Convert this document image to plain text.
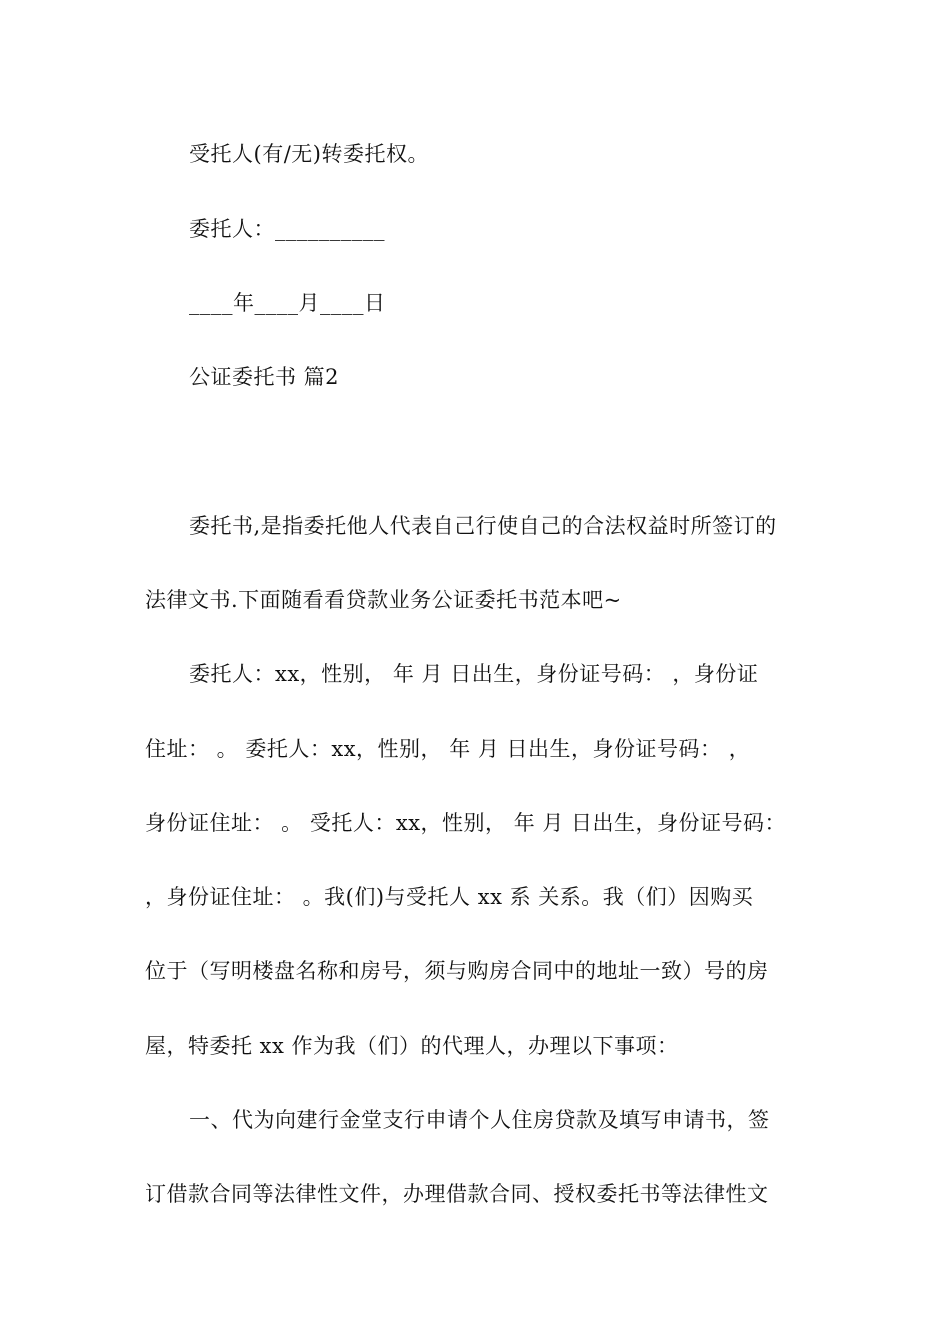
受托人(有/无)转委托权。
委托人：__________
____年____月____日
公证委托书 篇2
委托书,是指委托他人代表自己行使自己的合法权益时所签订的
法律文书.下面随看看贷款业务公证委托书范本吧~
委托人：xx，性别， 年 月 日出生，身份证号码： ，身份证
住址： 。 委托人：xx，性别， 年 月 日出生，身份证号码： ，
身份证住址： 。 受托人：xx，性别， 年 月 日出生，身份证号码：
，身份证住址： 。我(们)与受托人 xx 系 关系。我（们）因购买
位于（写明楼盘名称和房号，须与购房合同中的地址一致）号的房
屋，特委托 xx 作为我（们）的代理人，办理以下事项：
一、代为向建行金堂支行申请个人住房贷款及填写申请书，签
订借款合同等法律性文件，办理借款合同、授权委托书等法律性文
